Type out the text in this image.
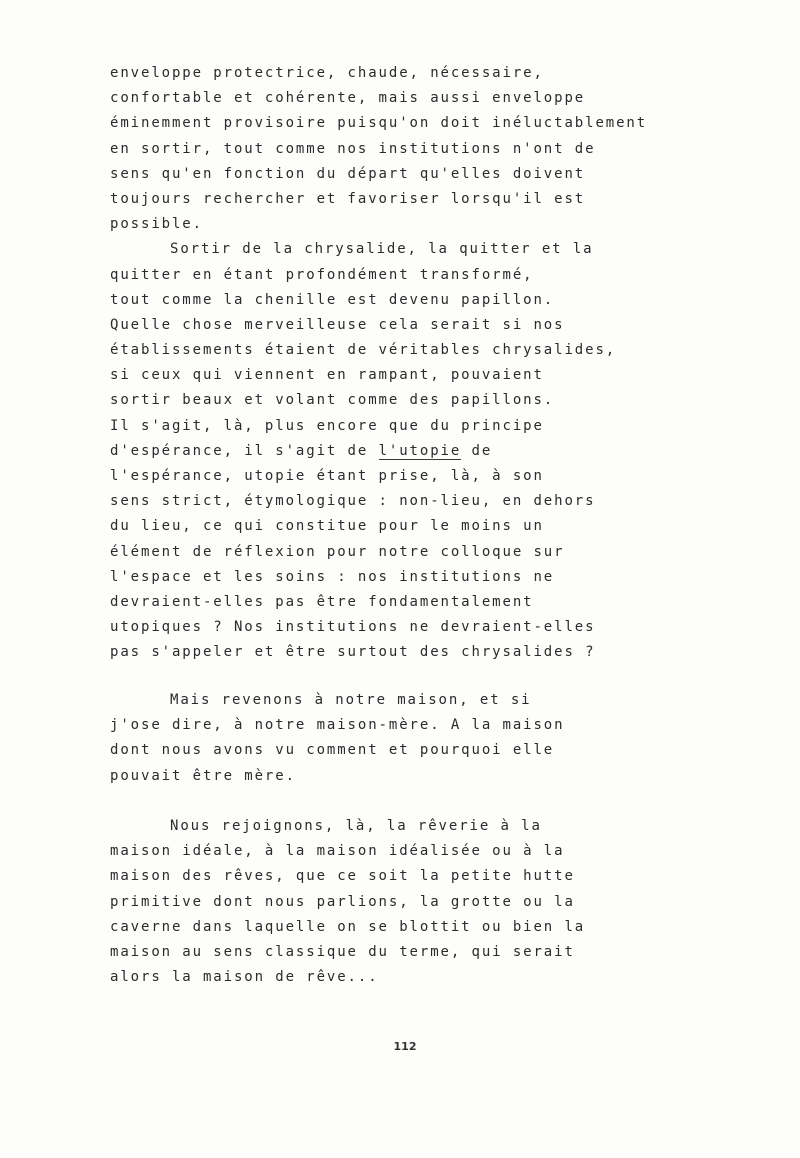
enveloppe protectrice, chaude, nécessaire,
confortable et cohérente, mais aussi enveloppe
éminemment provisoire puisqu'on doit inéluctablement
en sortir, tout comme nos institutions n'ont de
sens qu'en fonction du départ qu'elles doivent
toujours rechercher et favoriser lorsqu'il est
possible.
Sortir de la chrysalide, la quitter et la
quitter en étant profondément transformé,
tout comme la chenille est devenu papillon.
Quelle chose merveilleuse cela serait si nos
établissements étaient de véritables chrysalides,
si ceux qui viennent en rampant, pouvaient
sortir beaux et volant comme des papillons.
Il s'agit, là, plus encore que du principe
d'espérance, il s'agit de l'utopie de
l'espérance, utopie étant prise, là, à son
sens strict, étymologique : non-lieu, en dehors
du lieu, ce qui constitue pour le moins un
élément de réflexion pour notre colloque sur
l'espace et les soins : nos institutions ne
devraient-elles pas être fondamentalement
utopiques ? Nos institutions ne devraient-elles
pas s'appeler et être surtout des chrysalides ?
Mais revenons à notre maison, et si
j'ose dire, à notre maison-mère. A la maison
dont nous avons vu comment et pourquoi elle
pouvait être mère.
Nous rejoignons, là, la rêverie à la
maison idéale, à la maison idéalisée ou à la
maison des rêves, que ce soit la petite hutte
primitive dont nous parlions, la grotte ou la
caverne dans laquelle on se blottit ou bien la
maison au sens classique du terme, qui serait
alors la maison de rêve...
112
